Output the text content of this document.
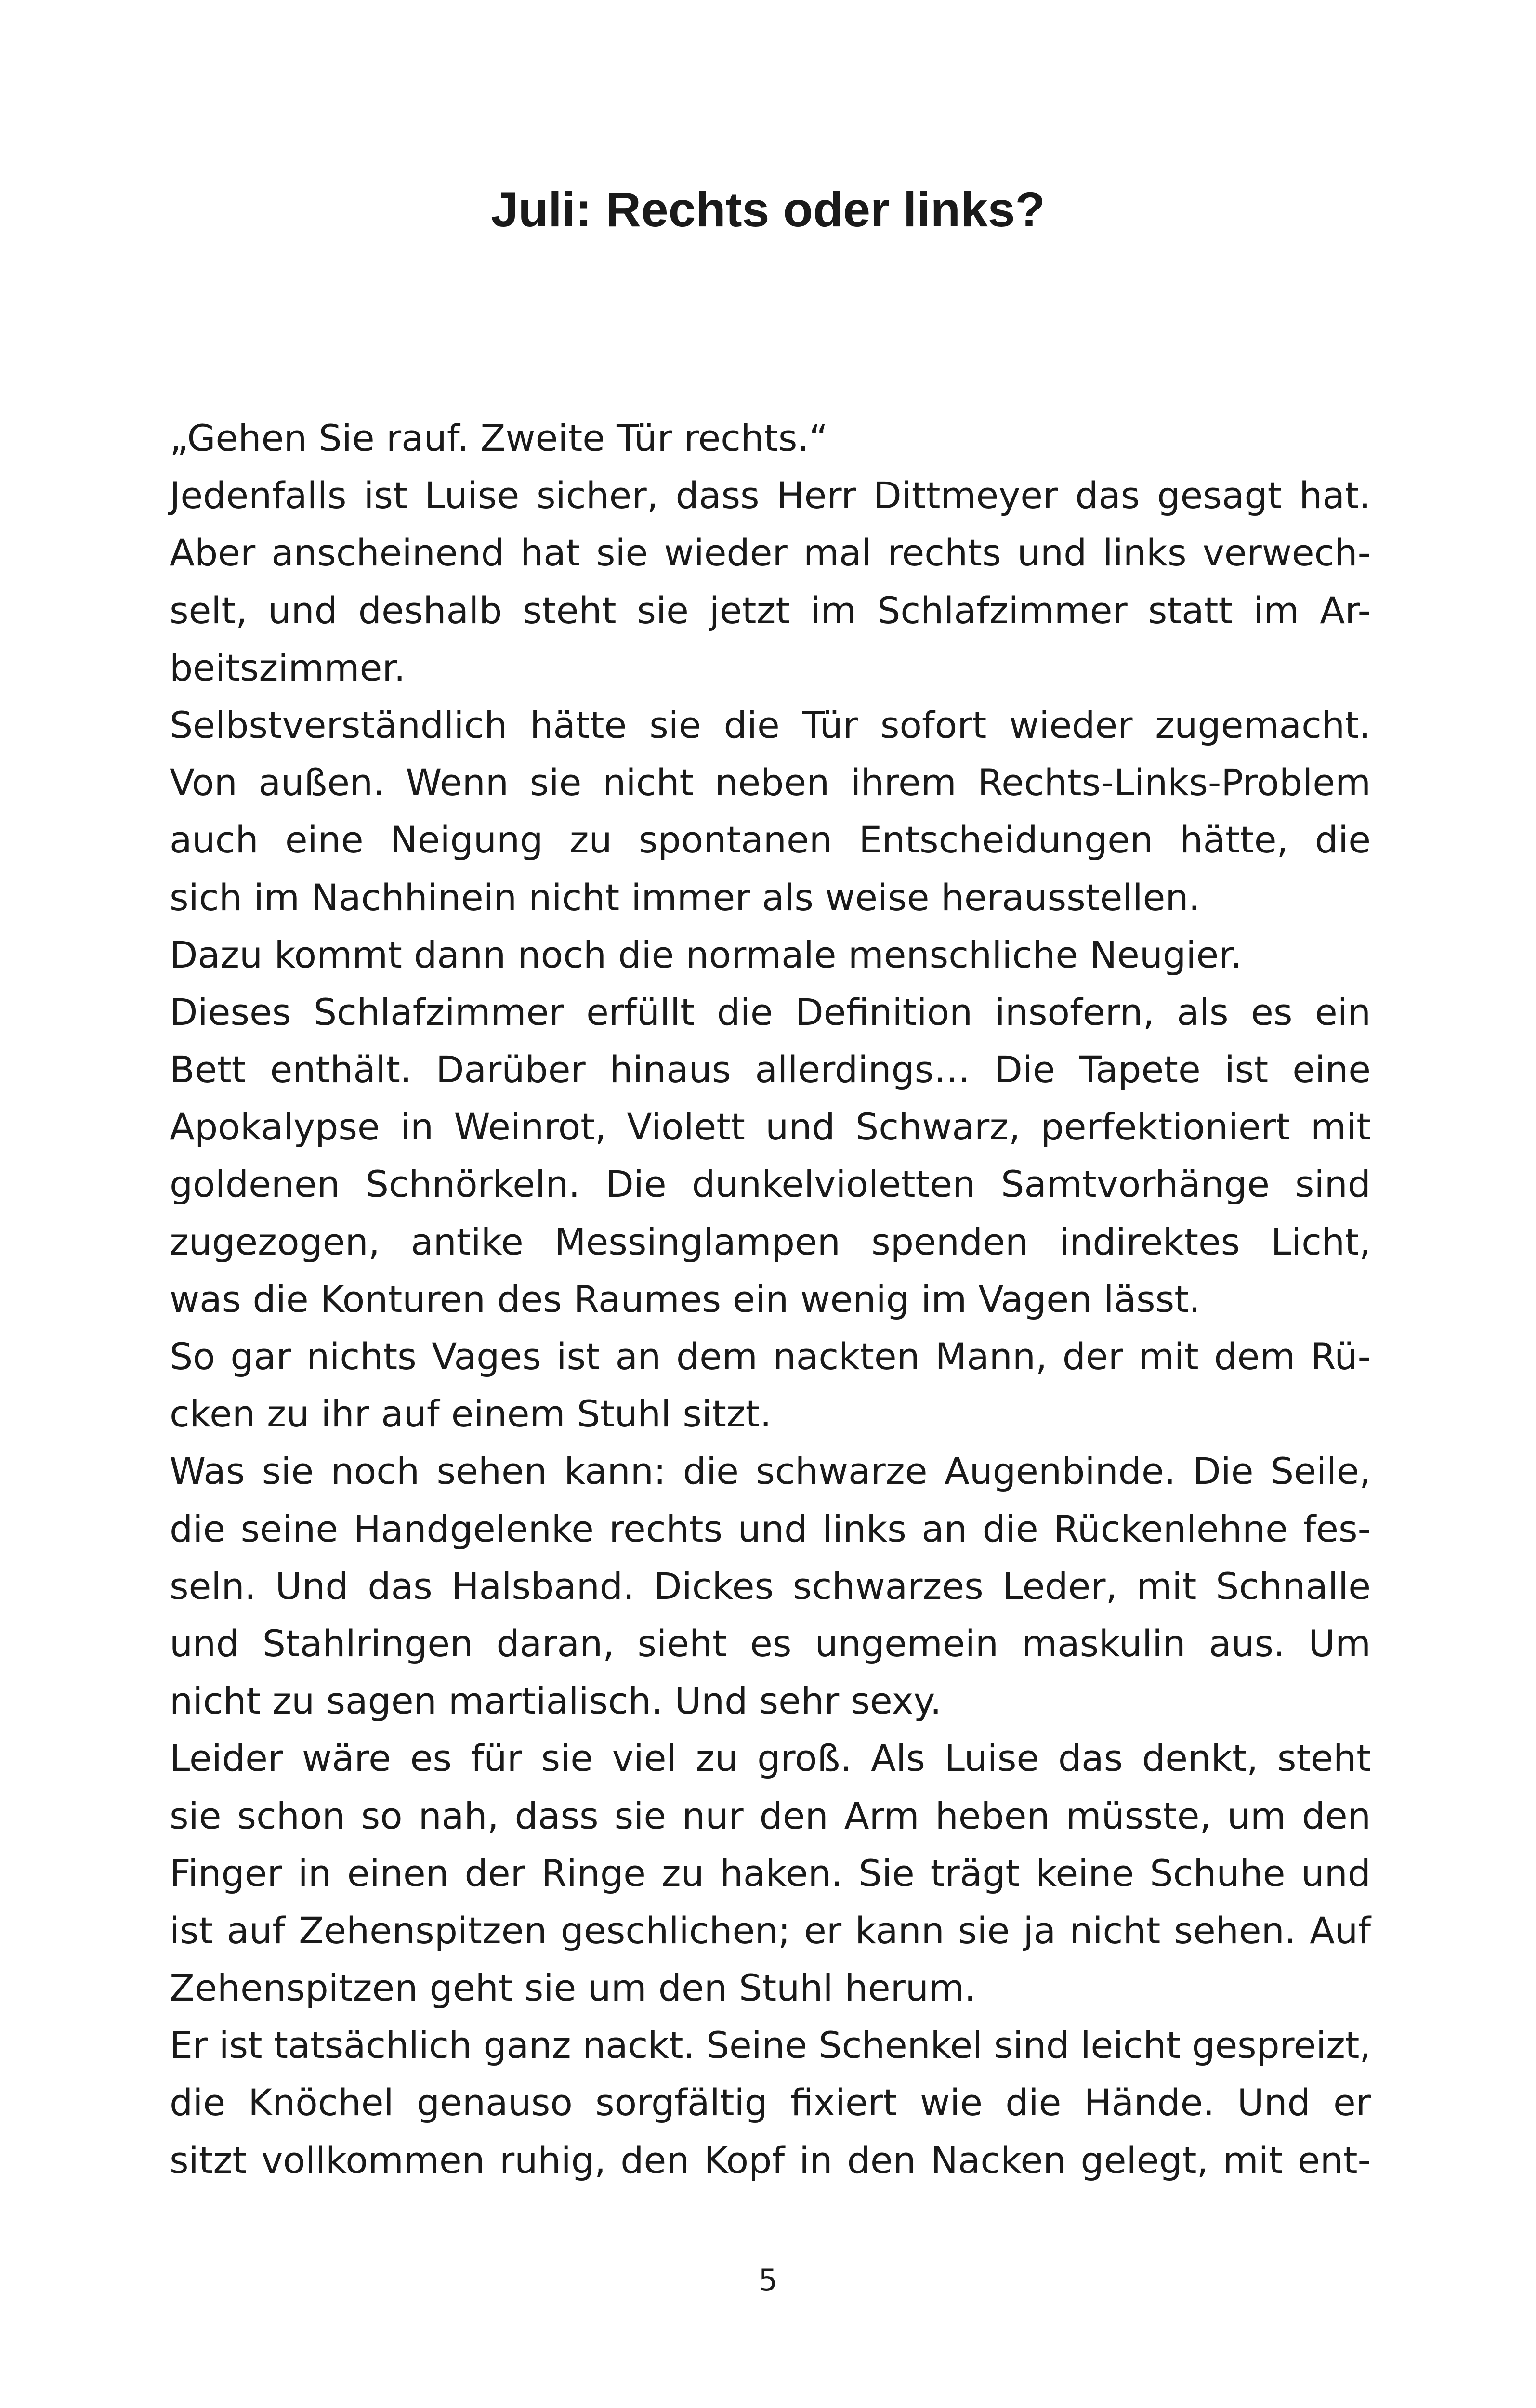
Juli: Rechts oder links?
„Gehen Sie rauf. Zweite Tür rechts.“
Jedenfalls ist Luise sicher, dass Herr Dittmeyer das gesagt hat.
Aber anscheinend hat sie wieder mal rechts und links verwech-
selt, und deshalb steht sie jetzt im Schlafzimmer statt im Ar-
beitszimmer.
Selbstverständlich hätte sie die Tür sofort wieder zugemacht.
Von außen. Wenn sie nicht neben ihrem Rechts-Links-Problem
auch eine Neigung zu spontanen Entscheidungen hätte, die
sich im Nachhinein nicht immer als weise herausstellen.
Dazu kommt dann noch die normale menschliche Neugier.
Dieses Schlafzimmer erfüllt die Definition insofern, als es ein
Bett enthält. Darüber hinaus allerdings… Die Tapete ist eine
Apokalypse in Weinrot, Violett und Schwarz, perfektioniert mit
goldenen Schnörkeln. Die dunkelvioletten Samtvorhänge sind
zugezogen, antike Messinglampen spenden indirektes Licht,
was die Konturen des Raumes ein wenig im Vagen lässt.
So gar nichts Vages ist an dem nackten Mann, der mit dem Rü-
cken zu ihr auf einem Stuhl sitzt.
Was sie noch sehen kann: die schwarze Augenbinde. Die Seile,
die seine Handgelenke rechts und links an die Rückenlehne fes-
seln. Und das Halsband. Dickes schwarzes Leder, mit Schnalle
und Stahlringen daran, sieht es ungemein maskulin aus. Um
nicht zu sagen martialisch. Und sehr sexy.
Leider wäre es für sie viel zu groß. Als Luise das denkt, steht
sie schon so nah, dass sie nur den Arm heben müsste, um den
Finger in einen der Ringe zu haken. Sie trägt keine Schuhe und
ist auf Zehenspitzen geschlichen; er kann sie ja nicht sehen. Auf
Zehenspitzen geht sie um den Stuhl herum.
Er ist tatsächlich ganz nackt. Seine Schenkel sind leicht gespreizt,
die Knöchel genauso sorgfältig fixiert wie die Hände. Und er
sitzt vollkommen ruhig, den Kopf in den Nacken gelegt, mit ent-
5
